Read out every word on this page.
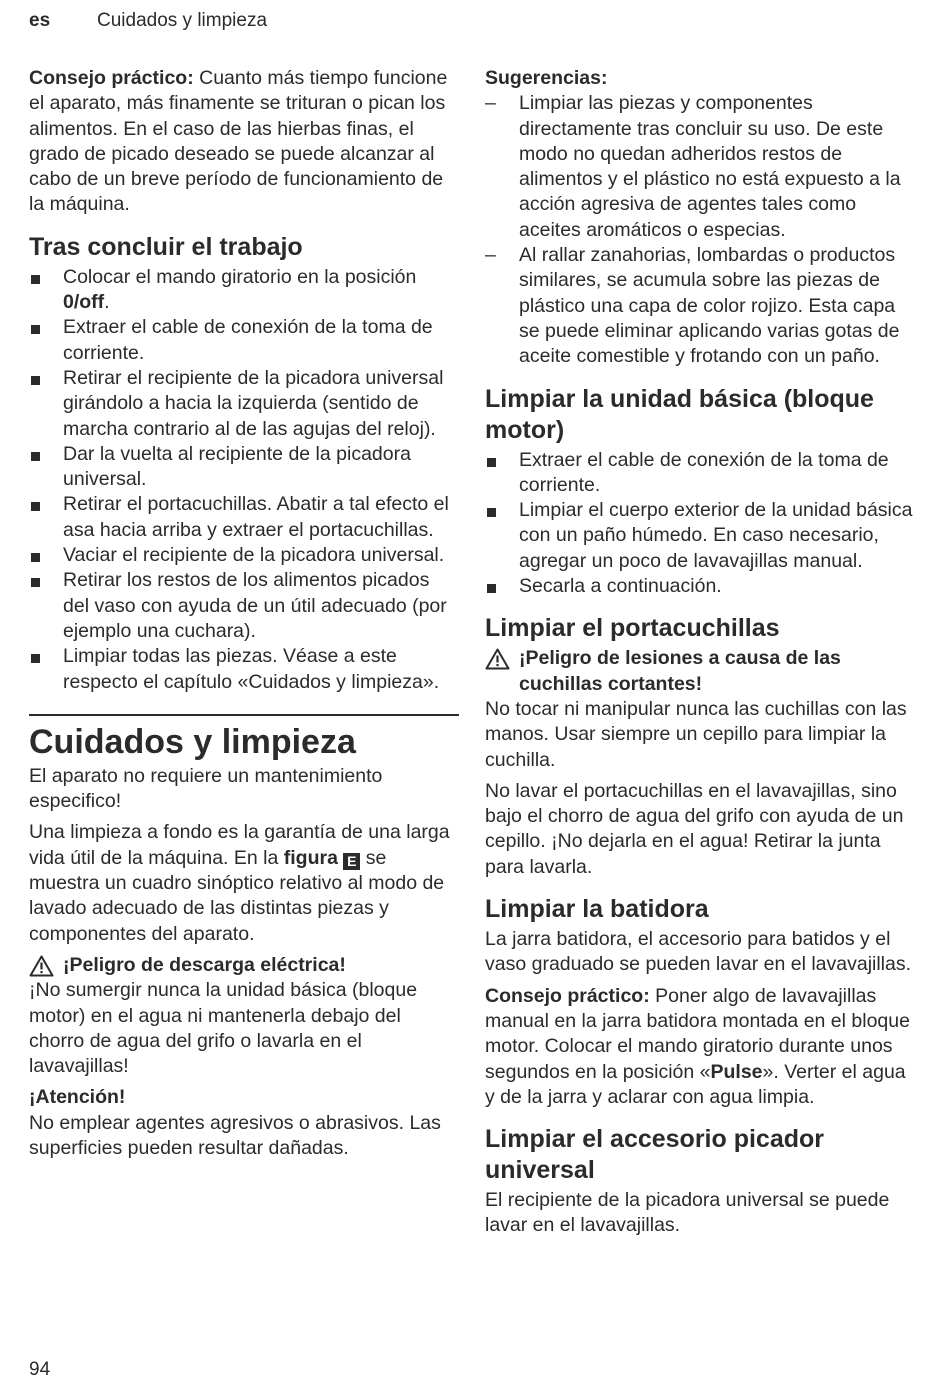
es Cuidados y limpieza

Consejo práctico: Cuanto más tiempo funcione el aparato, más finamente se trituran o pican los alimentos. En el caso de las hierbas finas, el grado de picado deseado se puede alcanzar al cabo de un breve período de funcionamiento de la máquina.

Tras concluir el trabajo
Colocar el mando giratorio en la posición 0/off.
Extraer el cable de conexión de la toma de corriente.
Retirar el recipiente de la picadora universal girándolo a hacia la izquierda (sentido de marcha contrario al de las agujas del reloj).
Dar la vuelta al recipiente de la picadora universal.
Retirar el portacuchillas. Abatir a tal efecto el asa hacia arriba y extraer el portacuchillas.
Vaciar el recipiente de la picadora universal.
Retirar los restos de los alimentos picados del vaso con ayuda de un útil adecuado (por ejemplo una cuchara).
Limpiar todas las piezas. Véase a este respecto el capítulo «Cuidados y limpieza».
Cuidados y limpieza

El aparato no requiere un mantenimiento especifico!

Una limpieza a fondo es la garantía de una larga vida útil de la máquina. En la figura E se muestra un cuadro sinóptico relativo al modo de lavado adecuado de las distintas piezas y componentes del aparato.

¡Peligro de descarga eléctrica!

¡No sumergir nunca la unidad básica (bloque motor) en el agua ni mantenerla debajo del chorro de agua del grifo o lavarla en el lavavajillas!

¡Atención!

No emplear agentes agresivos o abrasivos. Las superficies pueden resultar dañadas.

Sugerencias:

– Limpiar las piezas y componentes directamente tras concluir su uso. De este modo no quedan adheridos restos de alimentos y el plástico no está expuesto a la acción agresiva de agentes tales como aceites aromáticos o especias.
– Al rallar zanahorias, lombardas o productos similares, se acumula sobre las piezas de plástico una capa de color rojizo. Esta capa se puede eliminar aplicando varias gotas de aceite comestible y frotando con un paño.
Limpiar la unidad básica (bloque motor)
Extraer el cable de conexión de la toma de corriente.
Limpiar el cuerpo exterior de la unidad básica con un paño húmedo. En caso necesario, agregar un poco de lavavajillas manual.
Secarla a continuación.
Limpiar el portacuchillas
¡Peligro de lesiones a causa de las cuchillas cortantes!

No tocar ni manipular nunca las cuchillas con las manos. Usar siempre un cepillo para limpiar la cuchilla.

No lavar el portacuchillas en el lavavajillas, sino bajo el chorro de agua del grifo con ayuda de un cepillo. ¡No dejarla en el agua! Retirar la junta para lavarla.

Limpiar la batidora

La jarra batidora, el accesorio para batidos y el vaso graduado se pueden lavar en el lavavajillas.

Consejo práctico: Poner algo de lavavajillas manual en la jarra batidora montada en el bloque motor. Colocar el mando giratorio durante unos segundos en la posición «Pulse». Verter el agua y de la jarra y aclarar con agua limpia.

Limpiar el accesorio picador universal

El recipiente de la picadora universal se puede lavar en el lavavajillas.

94
